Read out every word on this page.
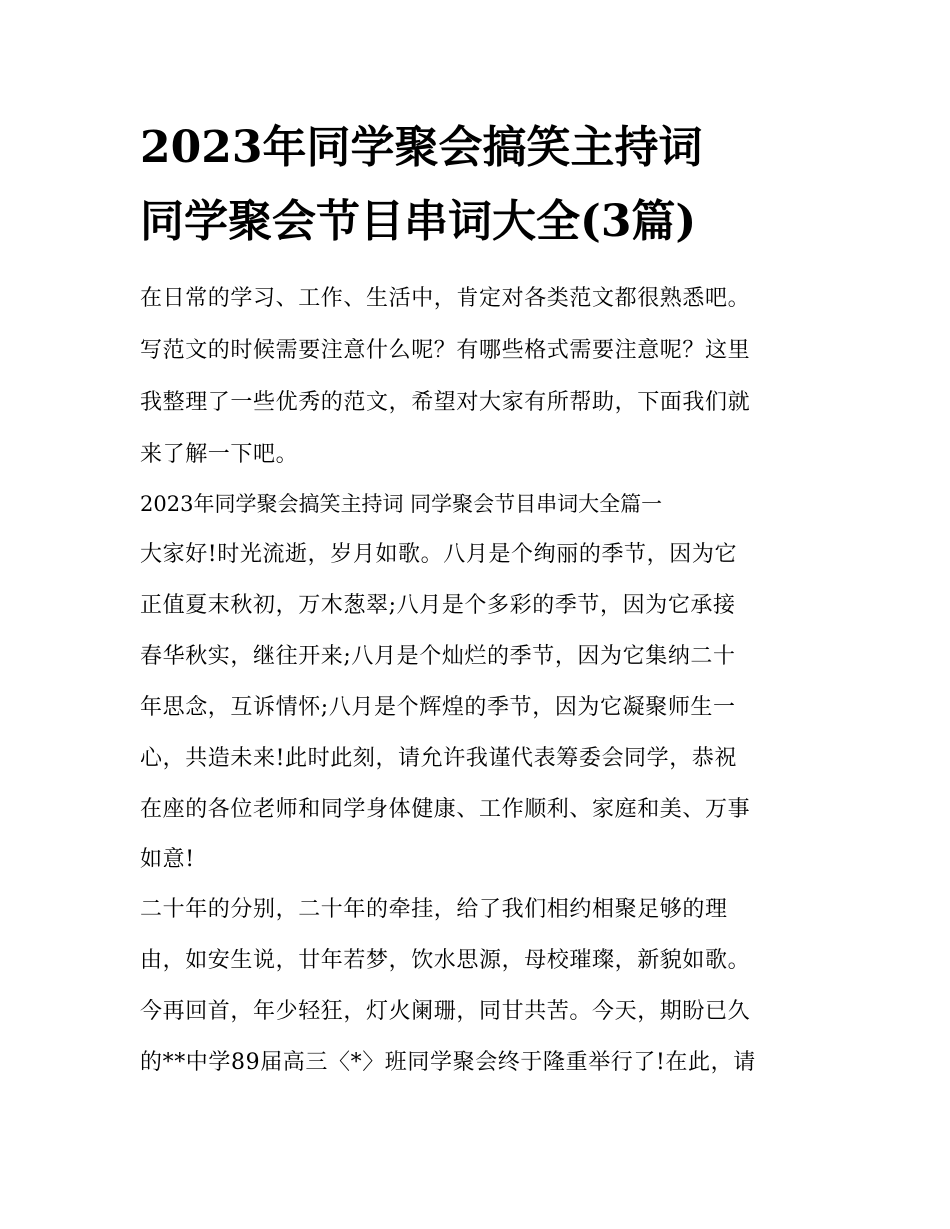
2023年同学聚会搞笑主持词
同学聚会节目串词大全(3篇)
在日常的学习、工作、生活中，肯定对各类范文都很熟悉吧。
写范文的时候需要注意什么呢？有哪些格式需要注意呢？这里
我整理了一些优秀的范文，希望对大家有所帮助，下面我们就
来了解一下吧。
2023年同学聚会搞笑主持词 同学聚会节目串词大全篇一
大家好!时光流逝，岁月如歌。八月是个绚丽的季节，因为它
正值夏末秋初，万木葱翠;八月是个多彩的季节，因为它承接
春华秋实，继往开来;八月是个灿烂的季节，因为它集纳二十
年思念，互诉情怀;八月是个辉煌的季节，因为它凝聚师生一
心，共造未来!此时此刻，请允许我谨代表筹委会同学，恭祝
在座的各位老师和同学身体健康、工作顺利、家庭和美、万事
如意!
二十年的分别，二十年的牵挂，给了我们相约相聚足够的理
由，如安生说，廿年若梦，饮水思源，母校璀璨，新貌如歌。
今再回首，年少轻狂，灯火阑珊，同甘共苦。今天，期盼已久
的**中学89届高三〈*〉班同学聚会终于隆重举行了!在此，请
